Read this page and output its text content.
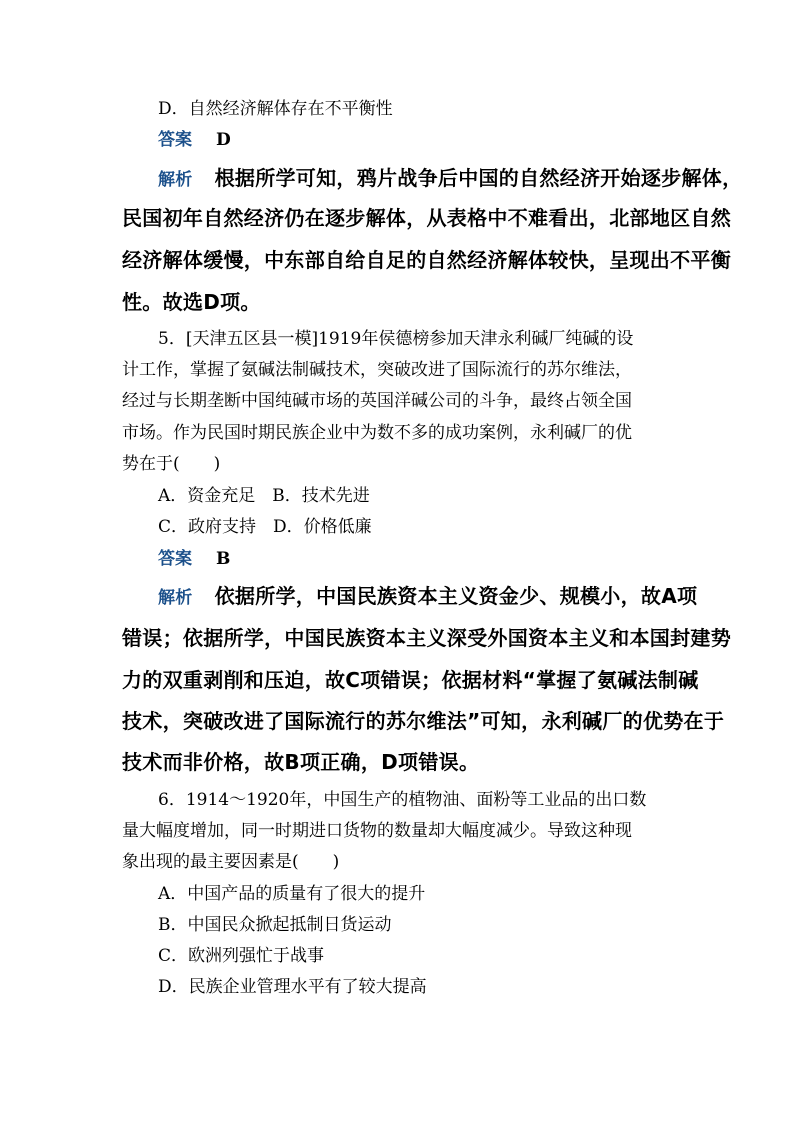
D．自然经济解体存在不平衡性
答案 D
解析 根据所学可知，鸦片战争后中国的自然经济开始逐步解体，
民国初年自然经济仍在逐步解体，从表格中不难看出，北部地区自然
经济解体缓慢，中东部自给自足的自然经济解体较快，呈现出不平衡
性。故选D项。
5．[天津五区县一模]1919年侯德榜参加天津永利碱厂纯碱的设
计工作，掌握了氨碱法制碱技术，突破改进了国际流行的苏尔维法，
经过与长期垄断中国纯碱市场的英国洋碱公司的斗争，最终占领全国
市场。作为民国时期民族企业中为数不多的成功案例，永利碱厂的优
势在于(　　)
A．资金充足　B．技术先进
C．政府支持　D．价格低廉
答案 B
解析 依据所学，中国民族资本主义资金少、规模小，故A项
错误；依据所学，中国民族资本主义深受外国资本主义和本国封建势
力的双重剥削和压迫，故C项错误；依据材料“掌握了氨碱法制碱
技术，突破改进了国际流行的苏尔维法”可知，永利碱厂的优势在于
技术而非价格，故B项正确，D项错误。
6．1914～1920年，中国生产的植物油、面粉等工业品的出口数
量大幅度增加，同一时期进口货物的数量却大幅度减少。导致这种现
象出现的最主要因素是(　　)
A．中国产品的质量有了很大的提升
B．中国民众掀起抵制日货运动
C．欧洲列强忙于战事
D．民族企业管理水平有了较大提高
